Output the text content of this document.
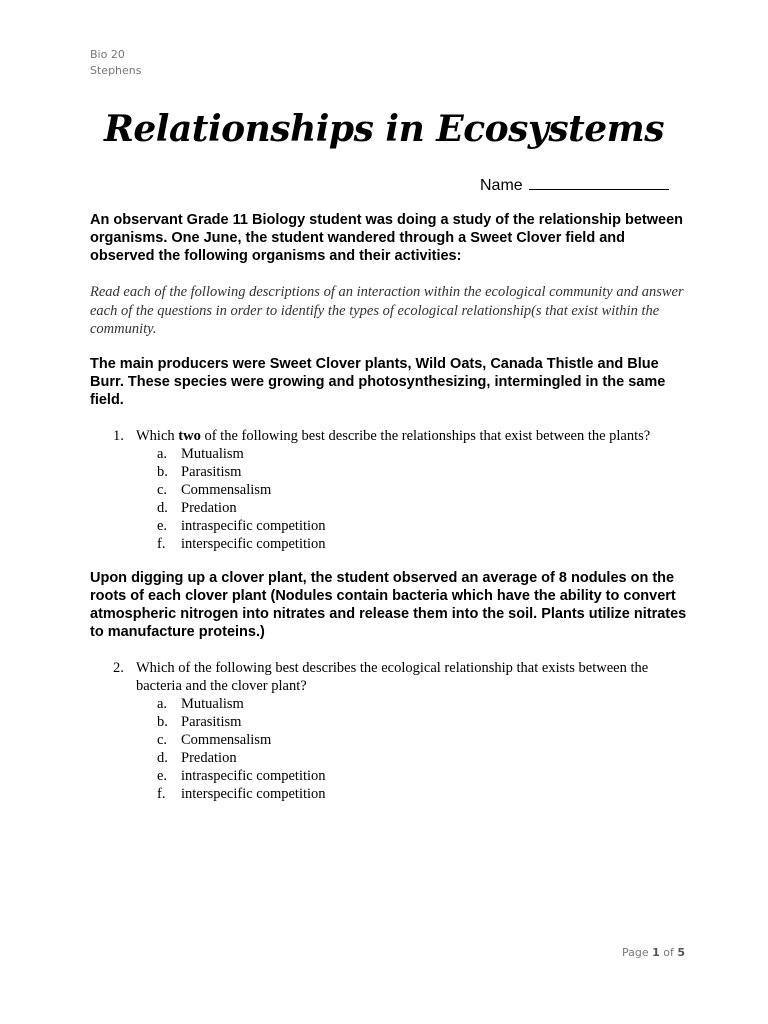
Bio 20
Stephens
Relationships in Ecosystems
Name

An observant Grade 11 Biology student was doing a study of the relationship between organisms. One June, the student wandered through a Sweet Clover field and observed the following organisms and their activities:

Read each of the following descriptions of an interaction within the ecological community and answer each of the questions in order to identify the types of ecological relationship(s that exist within the community.

The main producers were Sweet Clover plants, Wild Oats, Canada Thistle and Blue Burr. These species were growing and photosynthesizing, intermingled in the same field.

1. Which two of the following best describe the relationships that exist between the plants?
a. Mutualism
b. Parasitism
c. Commensalism
d. Predation
e. intraspecific competition
f.	interspecific competition

Upon digging up a clover plant, the student observed an average of 8 nodules on the roots of each clover plant (Nodules contain bacteria which have the ability to convert atmospheric nitrogen into nitrates and release them into the soil. Plants utilize nitrates to manufacture proteins.)

2. Which of the following best describes the ecological relationship that exists between the bacteria and the clover plant?
a. Mutualism
b. Parasitism
c. Commensalism
d. Predation
e. intraspecific competition
f.	interspecific competition
Page 1 of 5
